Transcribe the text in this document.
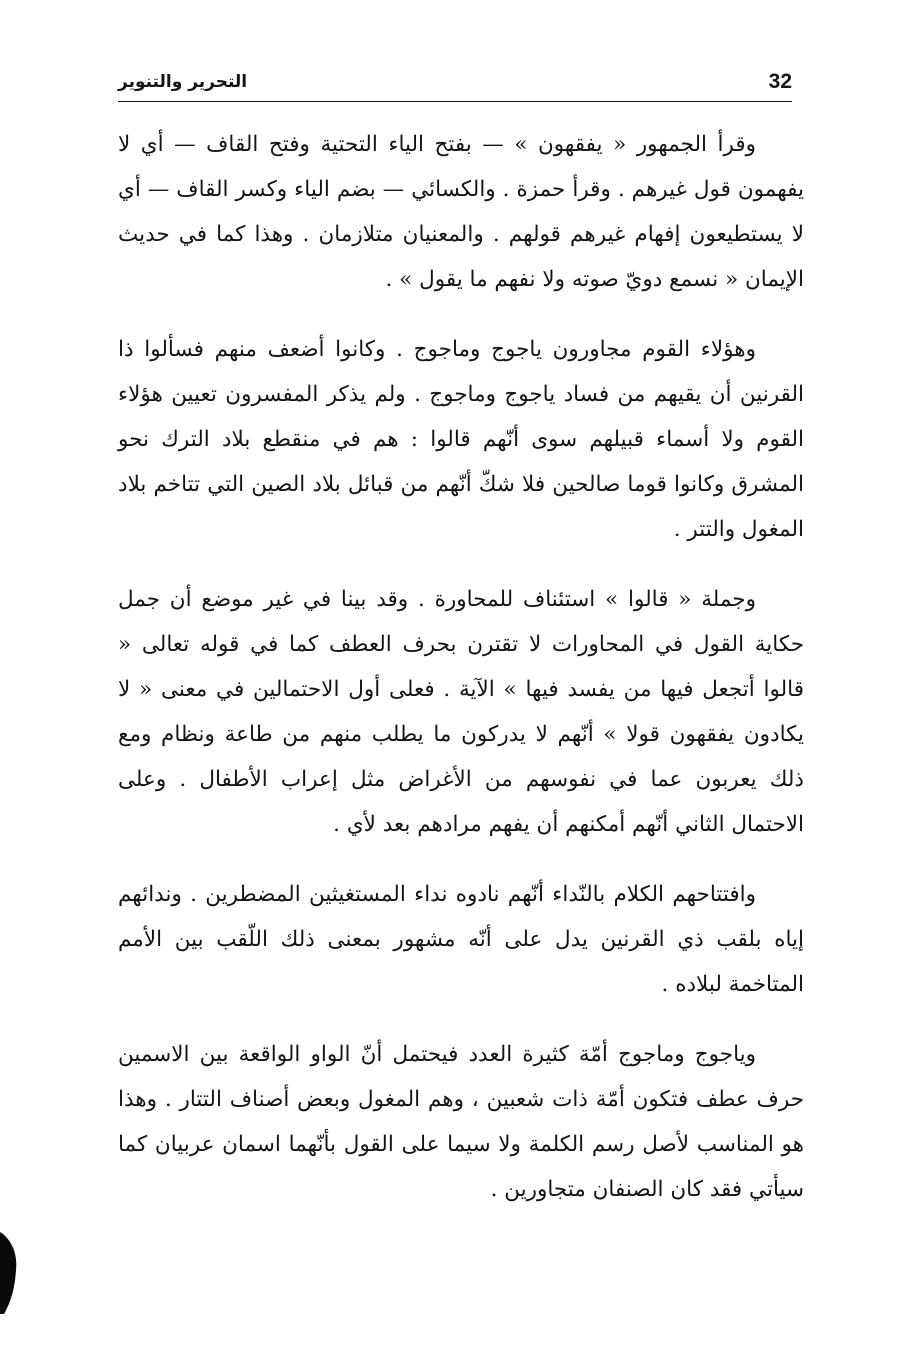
32
التحرير والتنوير

وقرأ الجمهور « يفقهون » — بفتح الياء التحتية وفتح القاف — أي لا يفهمون قول غيرهم . وقرأ حمزة . والكسائي — بضم الياء وكسر القاف — أي لا يستطيعون إفهام غيرهم قولهم . والمعنيان متلازمان . وهذا كما في حديث الإيمان « نسمع دويّ صوته ولا نفهم ما يقول » .

وهؤلاء القوم مجاورون ياجوج وماجوج . وكانوا أضعف منهم فسألوا ذا القرنين أن يقيهم من فساد ياجوج وماجوج . ولم يذكر المفسرون تعيين هؤلاء القوم ولا أسماء قبيلهم سوى أنّهم قالوا : هم في منقطع بلاد الترك نحو المشرق وكانوا قوما صالحين فلا شكّ أنّهم من قبائل بلاد الصين التي تتاخم بلاد المغول والتتر .

وجملة « قالوا » استئناف للمحاورة . وقد بينا في غير موضع أن جمل حكاية القول في المحاورات لا تقترن بحرف العطف كما في قوله تعالى « قالوا أتجعل فيها من يفسد فيها » الآية . فعلى أول الاحتمالين في معنى « لا يكادون يفقهون قولا » أنّهم لا يدركون ما يطلب منهم من طاعة ونظام ومع ذلك يعربون عما في نفوسهم من الأغراض مثل إعراب الأطفال . وعلى الاحتمال الثاني أنّهم أمكنهم أن يفهم مرادهم بعد لأي .

وافتتاحهم الكلام بالنّداء أنّهم نادوه نداء المستغيثين المضطرين . وندائهم إياه بلقب ذي القرنين يدل على أنّه مشهور بمعنى ذلك اللّقب بين الأمم المتاخمة لبلاده .

وياجوج وماجوج أمّة كثيرة العدد فيحتمل أنّ الواو الواقعة بين الاسمين حرف عطف فتكون أمّة ذات شعبين ، وهم المغول وبعض أصناف التتار . وهذا هو المناسب لأصل رسم الكلمة ولا سيما على القول بأنّهما اسمان عربيان كما سيأتي فقد كان الصنفان متجاورين .
